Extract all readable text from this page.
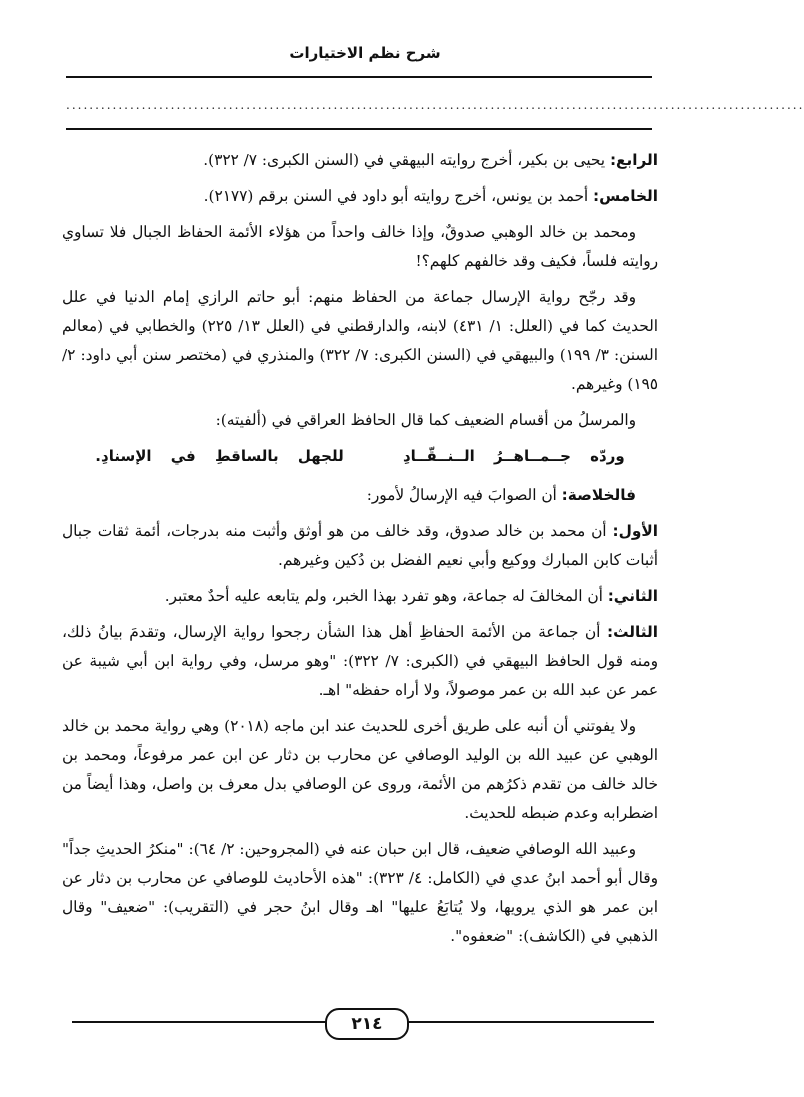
شرح نظم الاختيارات
...............................................................................................................................

الرابع: يحيى بن بكير، أخرج روايته البيهقي في (السنن الكبرى: ٧/ ٣٢٢).

الخامس: أحمد بن يونس، أخرج روايته أبو داود في السنن برقم (٢١٧٧).

ومحمد بن خالد الوهبي صدوقٌ، وإذا خالف واحداً من هؤلاء الأئمة الحفاظ الجبال فلا تساوي روايته فلساً، فكيف وقد خالفهم كلهم؟!

وقد رجّح رواية الإرسال جماعة من الحفاظ منهم: أبو حاتم الرازي إمام الدنيا في علل الحديث كما في (العلل: ١/ ٤٣١) لابنه، والدارقطني في (العلل ١٣/ ٢٢٥) والخطابي في (معالم السنن: ٣/ ١٩٩) والبيهقي في (السنن الكبرى: ٧/ ٣٢٢) والمنذري في (مختصر سنن أبي داود: ٢/ ١٩٥) وغيرهم.

والمرسلُ من أقسام الضعيف كما قال الحافظ العراقي في (ألفيته):

وردّه جــمــاهــرُ الــنــقّــادِ للجهل بالساقطِ في الإسنادِ.

فالخلاصة: أن الصوابَ فيه الإرسالُ لأمور:

الأول: أن محمد بن خالد صدوق، وقد خالف من هو أوثق وأثبت منه بدرجات، أئمة ثقات جبال أثبات كابن المبارك ووكيع وأبي نعيم الفضل بن دُكين وغيرهم.

الثاني: أن المخالفَ له جماعة، وهو تفرد بهذا الخبر، ولم يتابعه عليه أحدٌ معتبر.

الثالث: أن جماعة من الأئمة الحفاظِ أهل هذا الشأن رجحوا رواية الإرسال، وتقدمَ بيانُ ذلك، ومنه قول الحافظ البيهقي في (الكبرى: ٧/ ٣٢٢): "وهو مرسل، وفي رواية ابن أبي شيبة عن عمر عن عبد الله بن عمر موصولاً، ولا أراه حفظه" اهـ.

ولا يفوتني أن أنبه على طريق أخرى للحديث عند ابن ماجه (٢٠١٨) وهي رواية محمد بن خالد الوهبي عن عبيد الله بن الوليد الوصافي عن محارب بن دثار عن ابن عمر مرفوعاً، ومحمد بن خالد خالف من تقدم ذكرُهم من الأئمة، وروى عن الوصافي بدل معرف بن واصل، وهذا أيضاً من اضطرابه وعدم ضبطه للحديث.

وعبيد الله الوصافي ضعيف، قال ابن حبان عنه في (المجروحين: ٢/ ٦٤): "منكرُ الحديثِ جداً" وقال أبو أحمد ابنُ عدي في (الكامل: ٤/ ٣٢٣): "هذه الأحاديث للوصافي عن محارب بن دثار عن ابن عمر هو الذي يرويها، ولا يُتابَعُ عليها" اهـ وقال ابنُ حجر في (التقريب): "ضعيف" وقال الذهبي في (الكاشف): "ضعفوه".

٢١٤
